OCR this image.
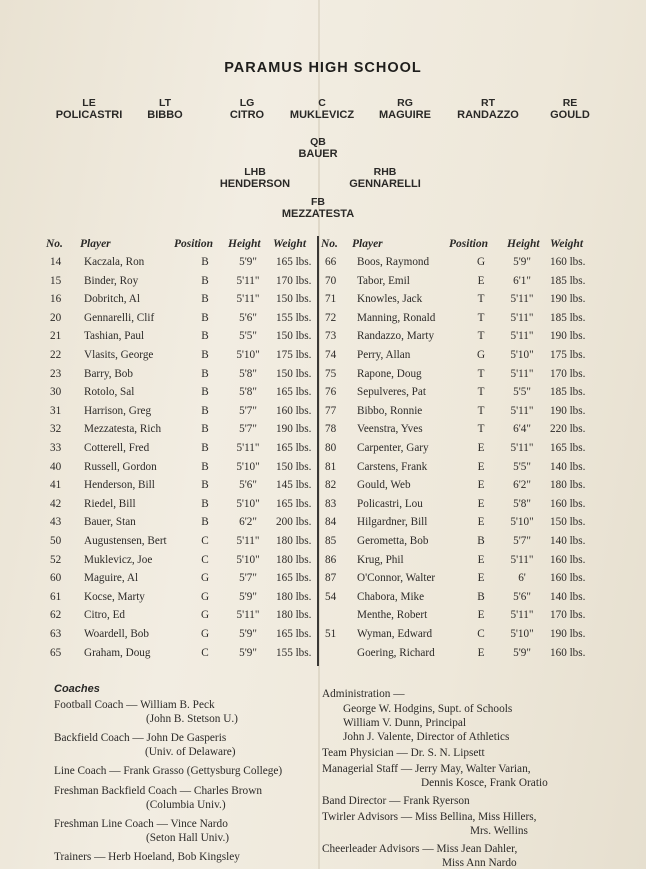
PARAMUS HIGH SCHOOL
LE
POLICASTRI
LT
BIBBO
LG
CITRO
C
MUKLEVICZ
RG
MAGUIRE
RT
RANDAZZO
RE
GOULD
QB
BAUER
LHB
HENDERSON
RHB
GENNARELLI
FB
MEZZATESTA
No. Player	Position Height Weight No. Player	Position Height Weight
14 Kaczala, Ron	B	5'9"	165 lbs.
15 Binder, Roy	B	5'11"	170 lbs.
16 Dobritch, Al	B	5'11"	150 lbs.
20 Gennarelli, Clif	B	5'6"	155 lbs.
21 Tashian, Paul	B	5'5"	150 lbs.
22 Vlasits, George	B	5'10"	175 lbs.
23 Barry, Bob	B	5'8"	150 lbs.
30 Rotolo, Sal	B	5'8"	165 lbs.
31 Harrison, Greg	B	5'7"	160 lbs.
32 Mezzatesta, Rich	B	5'7"	190 lbs.
33 Cotterell, Fred	B	5'11"	165 lbs.
40 Russell, Gordon	B	5'10"	150 lbs.
41 Henderson, Bill	B	5'6"	145 lbs.
42 Riedel, Bill	B	5'10"	165 lbs.
43 Bauer, Stan	B	6'2"	200 lbs.
50 Augustensen, Bert	C	5'11"	180 lbs.
52 Muklevicz, Joe	C	5'10"	180 lbs.
60 Maguire, Al	G	5'7"	165 lbs.
61 Kocse, Marty	G	5'9"	180 lbs.
62 Citro, Ed	G	5'11"	180 lbs.
63 Woardell, Bob	G	5'9"	165 lbs.
65 Graham, Doug	C	5'9"	155 lbs.
66 Boos, Raymond	G	5'9"	160 lbs.
70 Tabor, Emil	E	6'1"	185 lbs.
71 Knowles, Jack	T	5'11"	190 lbs.
72 Manning, Ronald	T	5'11"	185 lbs.
73 Randazzo, Marty	T	5'11"	190 lbs.
74 Perry, Allan	G	5'10"	175 lbs.
75 Rapone, Doug	T	5'11"	170 lbs.
76 Sepulveres, Pat	T	5'5"	185 lbs.
77 Bibbo, Ronnie	T	5'11"	190 lbs.
78 Veenstra, Yves	T	6'4"	220 lbs.
80 Carpenter, Gary	E	5'11"	165 lbs.
81 Carstens, Frank	E	5'5"	140 lbs.
82 Gould, Web	E	6'2"	180 lbs.
83 Policastri, Lou	E	5'8"	160 lbs.
84 Hilgardner, Bill	E	5'10"	150 lbs.
85 Gerometta, Bob	B	5'7"	140 lbs.
86 Krug, Phil	E	5'11"	160 lbs.
87 O'Connor, Walter	E	6'	160 lbs.
54 Chabora, Mike	B	5'6"	140 lbs.
Menthe, Robert	E	5'11"	170 lbs.
51 Wyman, Edward	C	5'10"	190 lbs.
Goering, Richard	E	5'9"	160 lbs.
Coaches
Football Coach — William B. Peck
(John B. Stetson U.)
Backfield Coach — John De Gasperis
(Univ. of Delaware)
Line Coach — Frank Grasso (Gettysburg College)
Freshman Backfield Coach — Charles Brown
(Columbia Univ.)
Freshman Line Coach — Vince Nardo
(Seton Hall Univ.)
Trainers — Herb Hoeland, Bob Kingsley
Administration —
George W. Hodgins, Supt. of Schools
William V. Dunn, Principal
John J. Valente, Director of Athletics
Team Physician — Dr. S. N. Lipsett
Managerial Staff — Jerry May, Walter Varian,
Dennis Kosce, Frank Oratio
Band Director — Frank Ryerson
Twirler Advisors — Miss Bellina, Miss Hillers,
Mrs. Wellins
Cheerleader Advisors — Miss Jean Dahler,
Miss Ann Nardo
